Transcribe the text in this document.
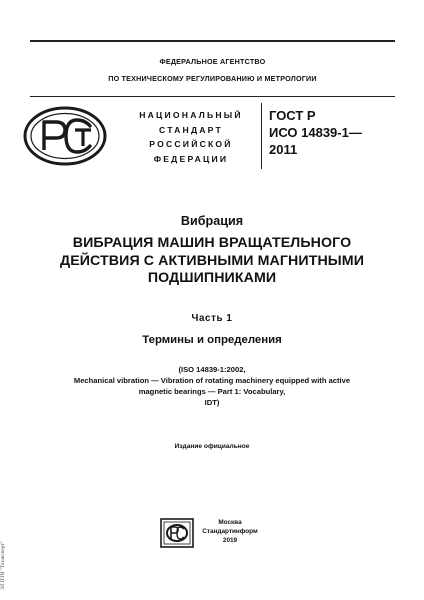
ФЕДЕРАЛЬНОЕ АГЕНТСТВО
ПО ТЕХНИЧЕСКОМУ РЕГУЛИРОВАНИЮ И МЕТРОЛОГИИ
НАЦИОНАЛЬНЫЙ
СТАНДАРТ
РОССИЙСКОЙ
ФЕДЕРАЦИИ
ГОСТ Р
ИСО 14839-1—
2011
Вибрация
ВИБРАЦИЯ МАШИН ВРАЩАТЕЛЬНОГО
ДЕЙСТВИЯ С АКТИВНЫМИ МАГНИТНЫМИ
ПОДШИПНИКАМИ
Часть 1
Термины и определения
(ISO 14839-1:2002,
Mechanical vibration — Vibration of rotating machinery equipped with active
magnetic bearings — Part 1: Vocabulary,
IDT)
Издание официальное
Москва
Стандартинформ
2019
ЭЛ ПТИ "Техэксперт"
